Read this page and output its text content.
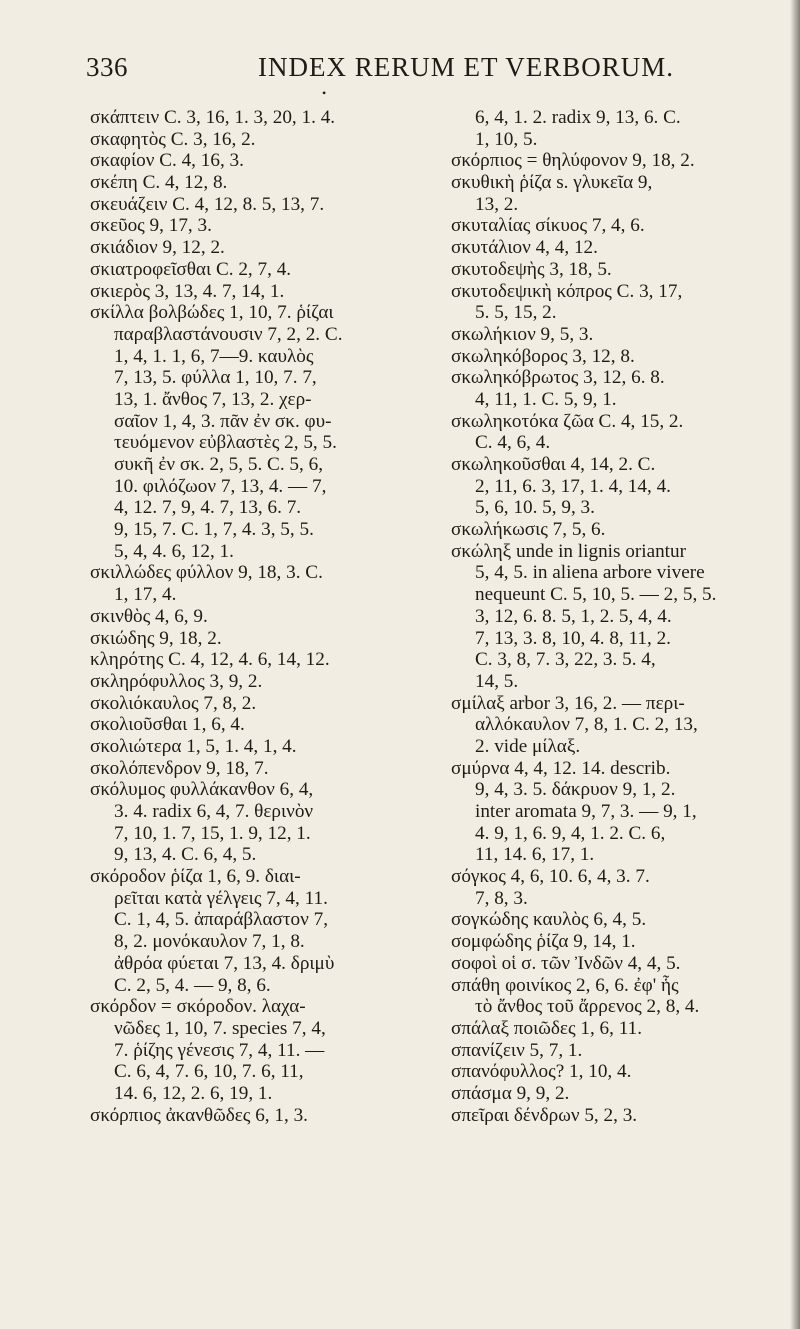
336	INDEX RERUM ET VERBORUM.
•
σκάπτειν C. 3, 16, 1. 3, 20, 1. 4.
σκαφητὸς C. 3, 16, 2.
σκαφίον C. 4, 16, 3.
σκέπη C. 4, 12, 8.
σκευάζειν C. 4, 12, 8. 5, 13, 7.
σκεῦος 9, 17, 3.
σκιάδιον 9, 12, 2.
σκιατροφεῖσθαι C. 2, 7, 4.
σκιερὸς 3, 13, 4. 7, 14, 1.
σκίλλα βολβώδες 1, 10, 7. ῥίζαι
παραβλαστάνουσιν 7, 2, 2. C.
1, 4, 1. 1, 6, 7—9. καυλὸς
7, 13, 5. φύλλα 1, 10, 7. 7,
13, 1. ἄνθος 7, 13, 2. χερ-
σαῖον 1, 4, 3. πᾶν ἐν σκ. φυ-
τευόμενον εὐβλαστὲς 2, 5, 5.
συκῆ ἐν σκ. 2, 5, 5. C. 5, 6,
10. φιλόζωον 7, 13, 4. — 7,
4, 12. 7, 9, 4. 7, 13, 6. 7.
9, 15, 7. C. 1, 7, 4. 3, 5, 5.
5, 4, 4. 6, 12, 1.
σκιλλώδες φύλλον 9, 18, 3. C.
1, 17, 4.
σκινθὸς 4, 6, 9.
σκιώδης 9, 18, 2.
κληρότης C. 4, 12, 4. 6, 14, 12.
σκληρόφυλλος 3, 9, 2.
σκολιόκαυλος 7, 8, 2.
σκολιοῦσθαι 1, 6, 4.
σκολιώτερα 1, 5, 1. 4, 1, 4.
σκολόπενδρον 9, 18, 7.
σκόλυμος φυλλάκανθον 6, 4,
3. 4. radix 6, 4, 7. θερινὸν
7, 10, 1. 7, 15, 1. 9, 12, 1.
9, 13, 4. C. 6, 4, 5.
σκόροδον ῥίζα 1, 6, 9. διαι-
ρεῖται κατὰ γέλγεις 7, 4, 11.
C. 1, 4, 5. ἀπαράβλαστον 7,
8, 2. μονόκαυλον 7, 1, 8.
ἀθρόα φύεται 7, 13, 4. δριμὺ
C. 2, 5, 4. — 9, 8, 6.
σκόρδον = σκόροδον. λαχα-
νῶδες 1, 10, 7. species 7, 4,
7. ῥίζης γένεσις 7, 4, 11. —
C. 6, 4, 7. 6, 10, 7. 6, 11,
14. 6, 12, 2. 6, 19, 1.
σκόρπιος ἀκανθῶδες 6, 1, 3.
6, 4, 1. 2. radix 9, 13, 6. C.
1, 10, 5.
σκόρπιος = θηλύφονον 9, 18, 2.
σκυθικὴ ῥίζα s. γλυκεῖα 9,
13, 2.
σκυταλίας σίκυος 7, 4, 6.
σκυτάλιον 4, 4, 12.
σκυτοδεψὴς 3, 18, 5.
σκυτοδεψικὴ κόπρος C. 3, 17,
5. 5, 15, 2.
σκωλήκιον 9, 5, 3.
σκωληκόβορος 3, 12, 8.
σκωληκόβρωτος 3, 12, 6. 8.
4, 11, 1. C. 5, 9, 1.
σκωληκοτόκα ζῶα C. 4, 15, 2.
C. 4, 6, 4.
σκωληκοῦσθαι 4, 14, 2. C.
2, 11, 6. 3, 17, 1. 4, 14, 4.
5, 6, 10. 5, 9, 3.
σκωλήκωσις 7, 5, 6.
σκώληξ unde in lignis oriantur
5, 4, 5. in aliena arbore vivere
nequeunt C. 5, 10, 5. — 2, 5, 5.
3, 12, 6. 8. 5, 1, 2. 5, 4, 4.
7, 13, 3. 8, 10, 4. 8, 11, 2.
C. 3, 8, 7. 3, 22, 3. 5. 4,
14, 5.
σμίλαξ arbor 3, 16, 2. — περι-
αλλόκαυλον 7, 8, 1. C. 2, 13,
2. vide μίλαξ.
σμύρνα 4, 4, 12. 14. describ.
9, 4, 3. 5. δάκρυον 9, 1, 2.
inter aromata 9, 7, 3. — 9, 1,
4. 9, 1, 6. 9, 4, 1. 2. C. 6,
11, 14. 6, 17, 1.
σόγκος 4, 6, 10. 6, 4, 3. 7.
7, 8, 3.
σογκώδης καυλὸς 6, 4, 5.
σομφώδης ῥίζα 9, 14, 1.
σοφοὶ οἱ σ. τῶν Ἰνδῶν 4, 4, 5.
σπάθη φοινίκος 2, 6, 6. ἐφ' ἧς
τὸ ἄνθος τοῦ ἄρρενος 2, 8, 4.
σπάλαξ ποιῶδες 1, 6, 11.
σπανίζειν 5, 7, 1.
σπανόφυλλος? 1, 10, 4.
σπάσμα 9, 9, 2.
σπεῖραι δένδρων 5, 2, 3.
